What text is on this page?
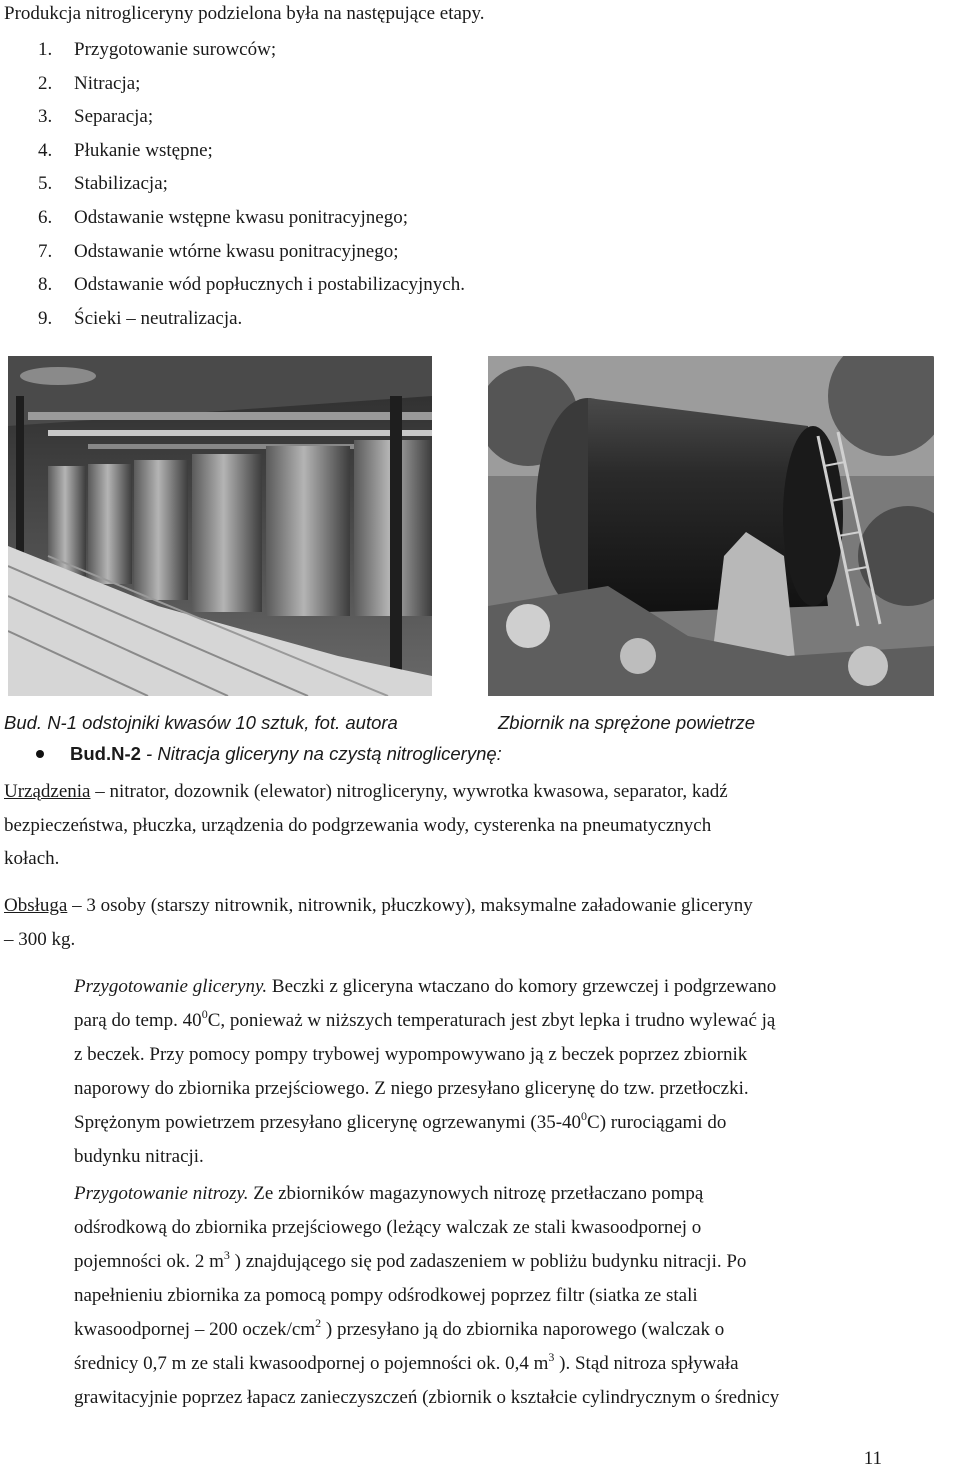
Produkcja nitrogliceryny podzielona była na następujące etapy.
1. Przygotowanie surowców;
2. Nitracja;
3. Separacja;
4. Płukanie wstępne;
5. Stabilizacja;
6. Odstawanie wstępne kwasu ponitracyjnego;
7. Odstawanie wtórne kwasu ponitracyjnego;
8. Odstawanie wód popłucznych i postabilizacyjnych.
9. Ścieki – neutralizacja.
Bud. N-1 odstojniki kwasów 10 sztuk, fot. autora	Zbiornik na sprężone powietrze
Bud.N-2 - Nitracja gliceryny na czystą nitroglicerynę:
Urządzenia – nitrator, dozownik (elewator) nitrogliceryny, wywrotka kwasowa, separator, kadź
bezpieczeństwa, płuczka, urządzenia do podgrzewania wody, cysterenka na pneumatycznych
kołach.
Obsługa – 3 osoby (starszy nitrownik, nitrownik, płuczkowy), maksymalne załadowanie gliceryny
– 300 kg.
Przygotowanie gliceryny. Beczki z gliceryna wtaczano do komory grzewczej i podgrzewano
parą do temp. $40^0C$, ponieważ w niższych temperaturach jest zbyt lepka i trudno wylewać ją
z beczek. Przy pomocy pompy trybowej wypompowywano ją z beczek poprzez zbiornik
naporowy do zbiornika przejściowego. Z niego przesyłano glicerynę do tzw. przetłoczki.
Sprężonym powietrzem przesyłano glicerynę ogrzewanymi $(35-40^0C)$ rurociągami do
budynku nitracji.
Przygotowanie nitrozy. Ze zbiorników magazynowych nitrozę przetłaczano pompą
odśrodkową do zbiornika przejściowego (leżący walczak ze stali kwasoodpornej o
pojemności ok. 2 $m^3$ ) znajdującego się pod zadaszeniem w pobliżu budynku nitracji. Po
napełnieniu zbiornika za pomocą pompy odśrodkowej poprzez filtr (siatka ze stali
kwasoodpornej – 200 oczek/$cm^2$ ) przesyłano ją do zbiornika naporowego (walczak o
średnicy 0,7 m ze stali kwasoodpornej o pojemności ok. 0,4 $m^3$ ). Stąd nitroza spływała
grawitacyjnie poprzez łapacz zanieczyszczeń (zbiornik o kształcie cylindrycznym o średnicy
11
